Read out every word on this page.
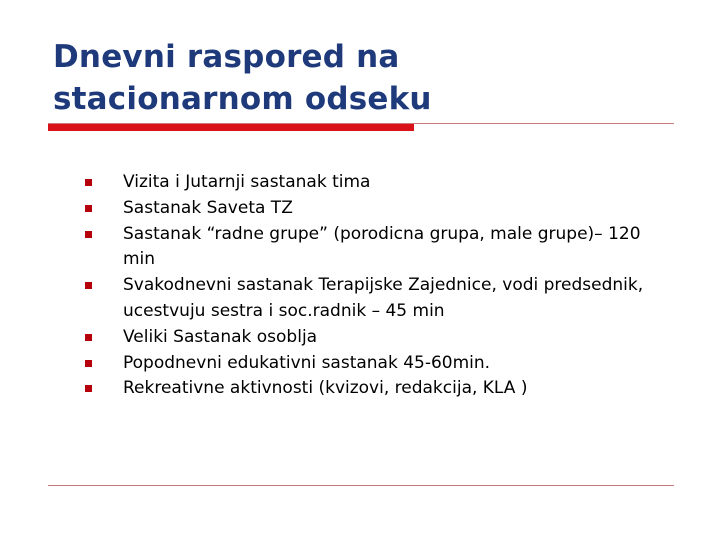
Dnevni raspored na
stacionarnom odseku
Vizita i Jutarnji sastanak tima
Sastanak Saveta TZ
Sastanak “radne grupe” (porodicna grupa, male grupe)– 120 min
Svakodnevni sastanak Terapijske Zajednice, vodi predsednik, ucestvuju sestra i soc.radnik – 45 min
Veliki Sastanak osoblja
Popodnevni edukativni sastanak 45-60min.
Rekreativne aktivnosti (kvizovi, redakcija, KLA )
